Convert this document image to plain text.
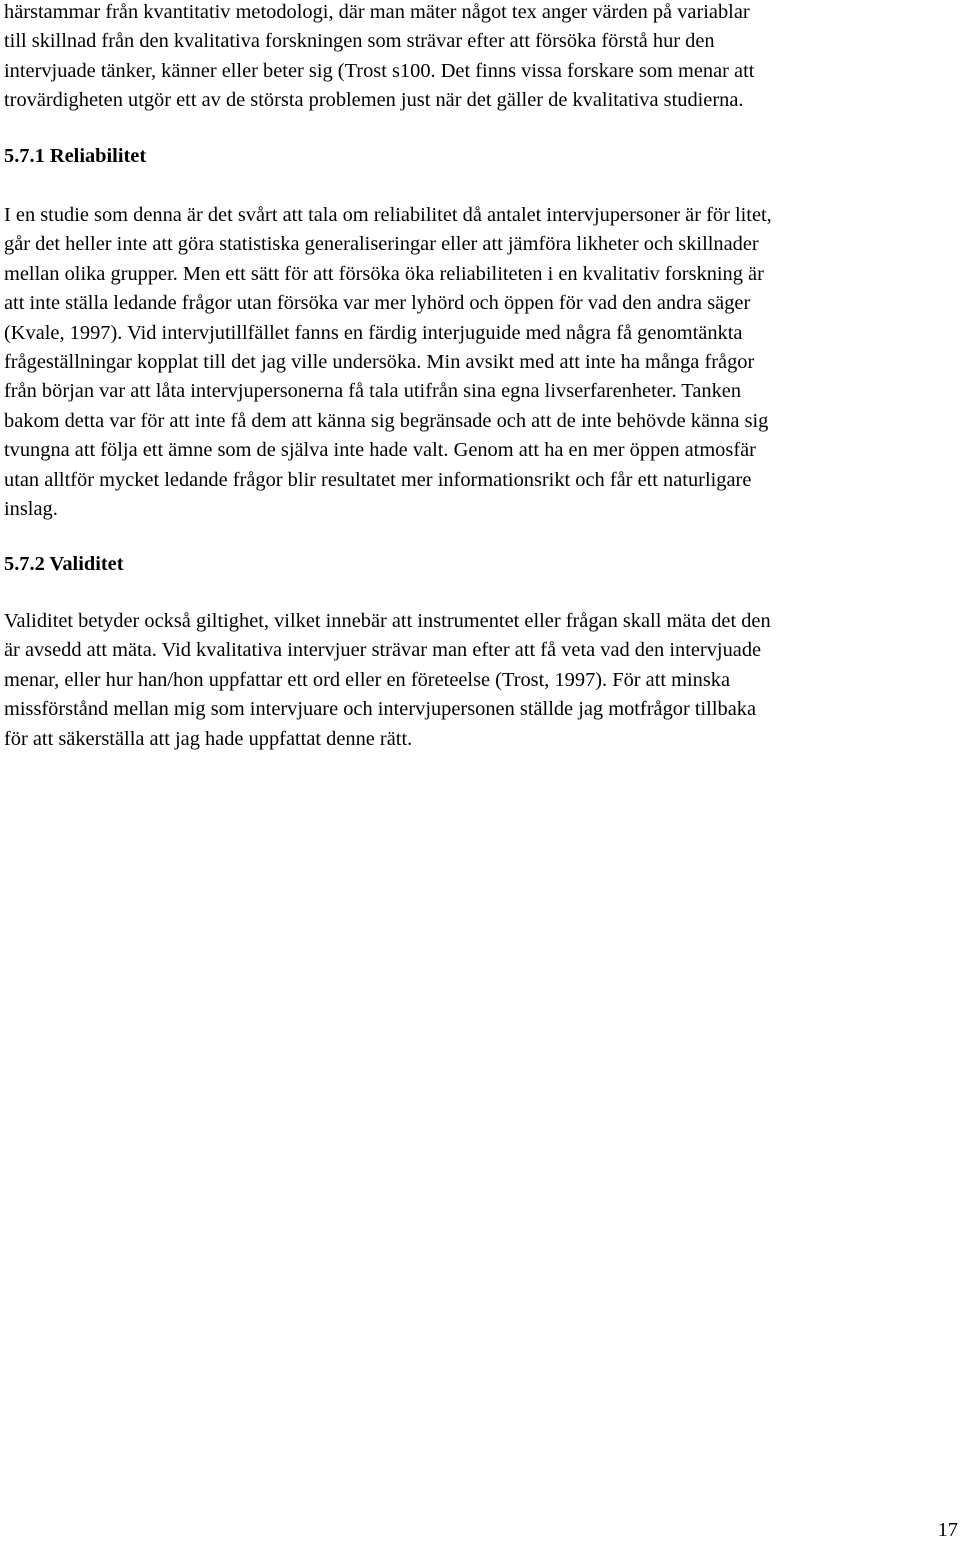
härstammar från kvantitativ metodologi, där man mäter något tex anger värden på variablar
till skillnad från den kvalitativa forskningen som strävar efter att försöka förstå hur den
intervjuade tänker, känner eller beter sig (Trost s100. Det finns vissa forskare som menar att
trovärdigheten utgör ett av de största problemen just när det gäller de kvalitativa studierna.

5.7.1 Reliabilitet

I en studie som denna är det svårt att tala om reliabilitet då antalet intervjupersoner är för litet,
går det heller inte att göra statistiska generaliseringar eller att jämföra likheter och skillnader
mellan olika grupper. Men ett sätt för att försöka öka reliabiliteten i en kvalitativ forskning är
att inte ställa ledande frågor utan försöka var mer lyhörd och öppen för vad den andra säger
(Kvale, 1997). Vid intervjutillfället fanns en färdig interjuguide med några få genomtänkta
frågeställningar kopplat till det jag ville undersöka. Min avsikt med att inte ha många frågor
från början var att låta intervjupersonerna få tala utifrån sina egna livserfarenheter. Tanken
bakom detta var för att inte få dem att känna sig begränsade och att de inte behövde känna sig
tvungna att följa ett ämne som de själva inte hade valt. Genom att ha en mer öppen atmosfär
utan alltför mycket ledande frågor blir resultatet mer informationsrikt och får ett naturligare
inslag.

5.7.2 Validitet

Validitet betyder också giltighet, vilket innebär att instrumentet eller frågan skall mäta det den
är avsedd att mäta. Vid kvalitativa intervjuer strävar man efter att få veta vad den intervjuade
menar, eller hur han/hon uppfattar ett ord eller en företeelse (Trost, 1997). För att minska
missförstånd mellan mig som intervjuare och intervjupersonen ställde jag motfrågor tillbaka
för att säkerställa att jag hade uppfattat denne rätt.

17
